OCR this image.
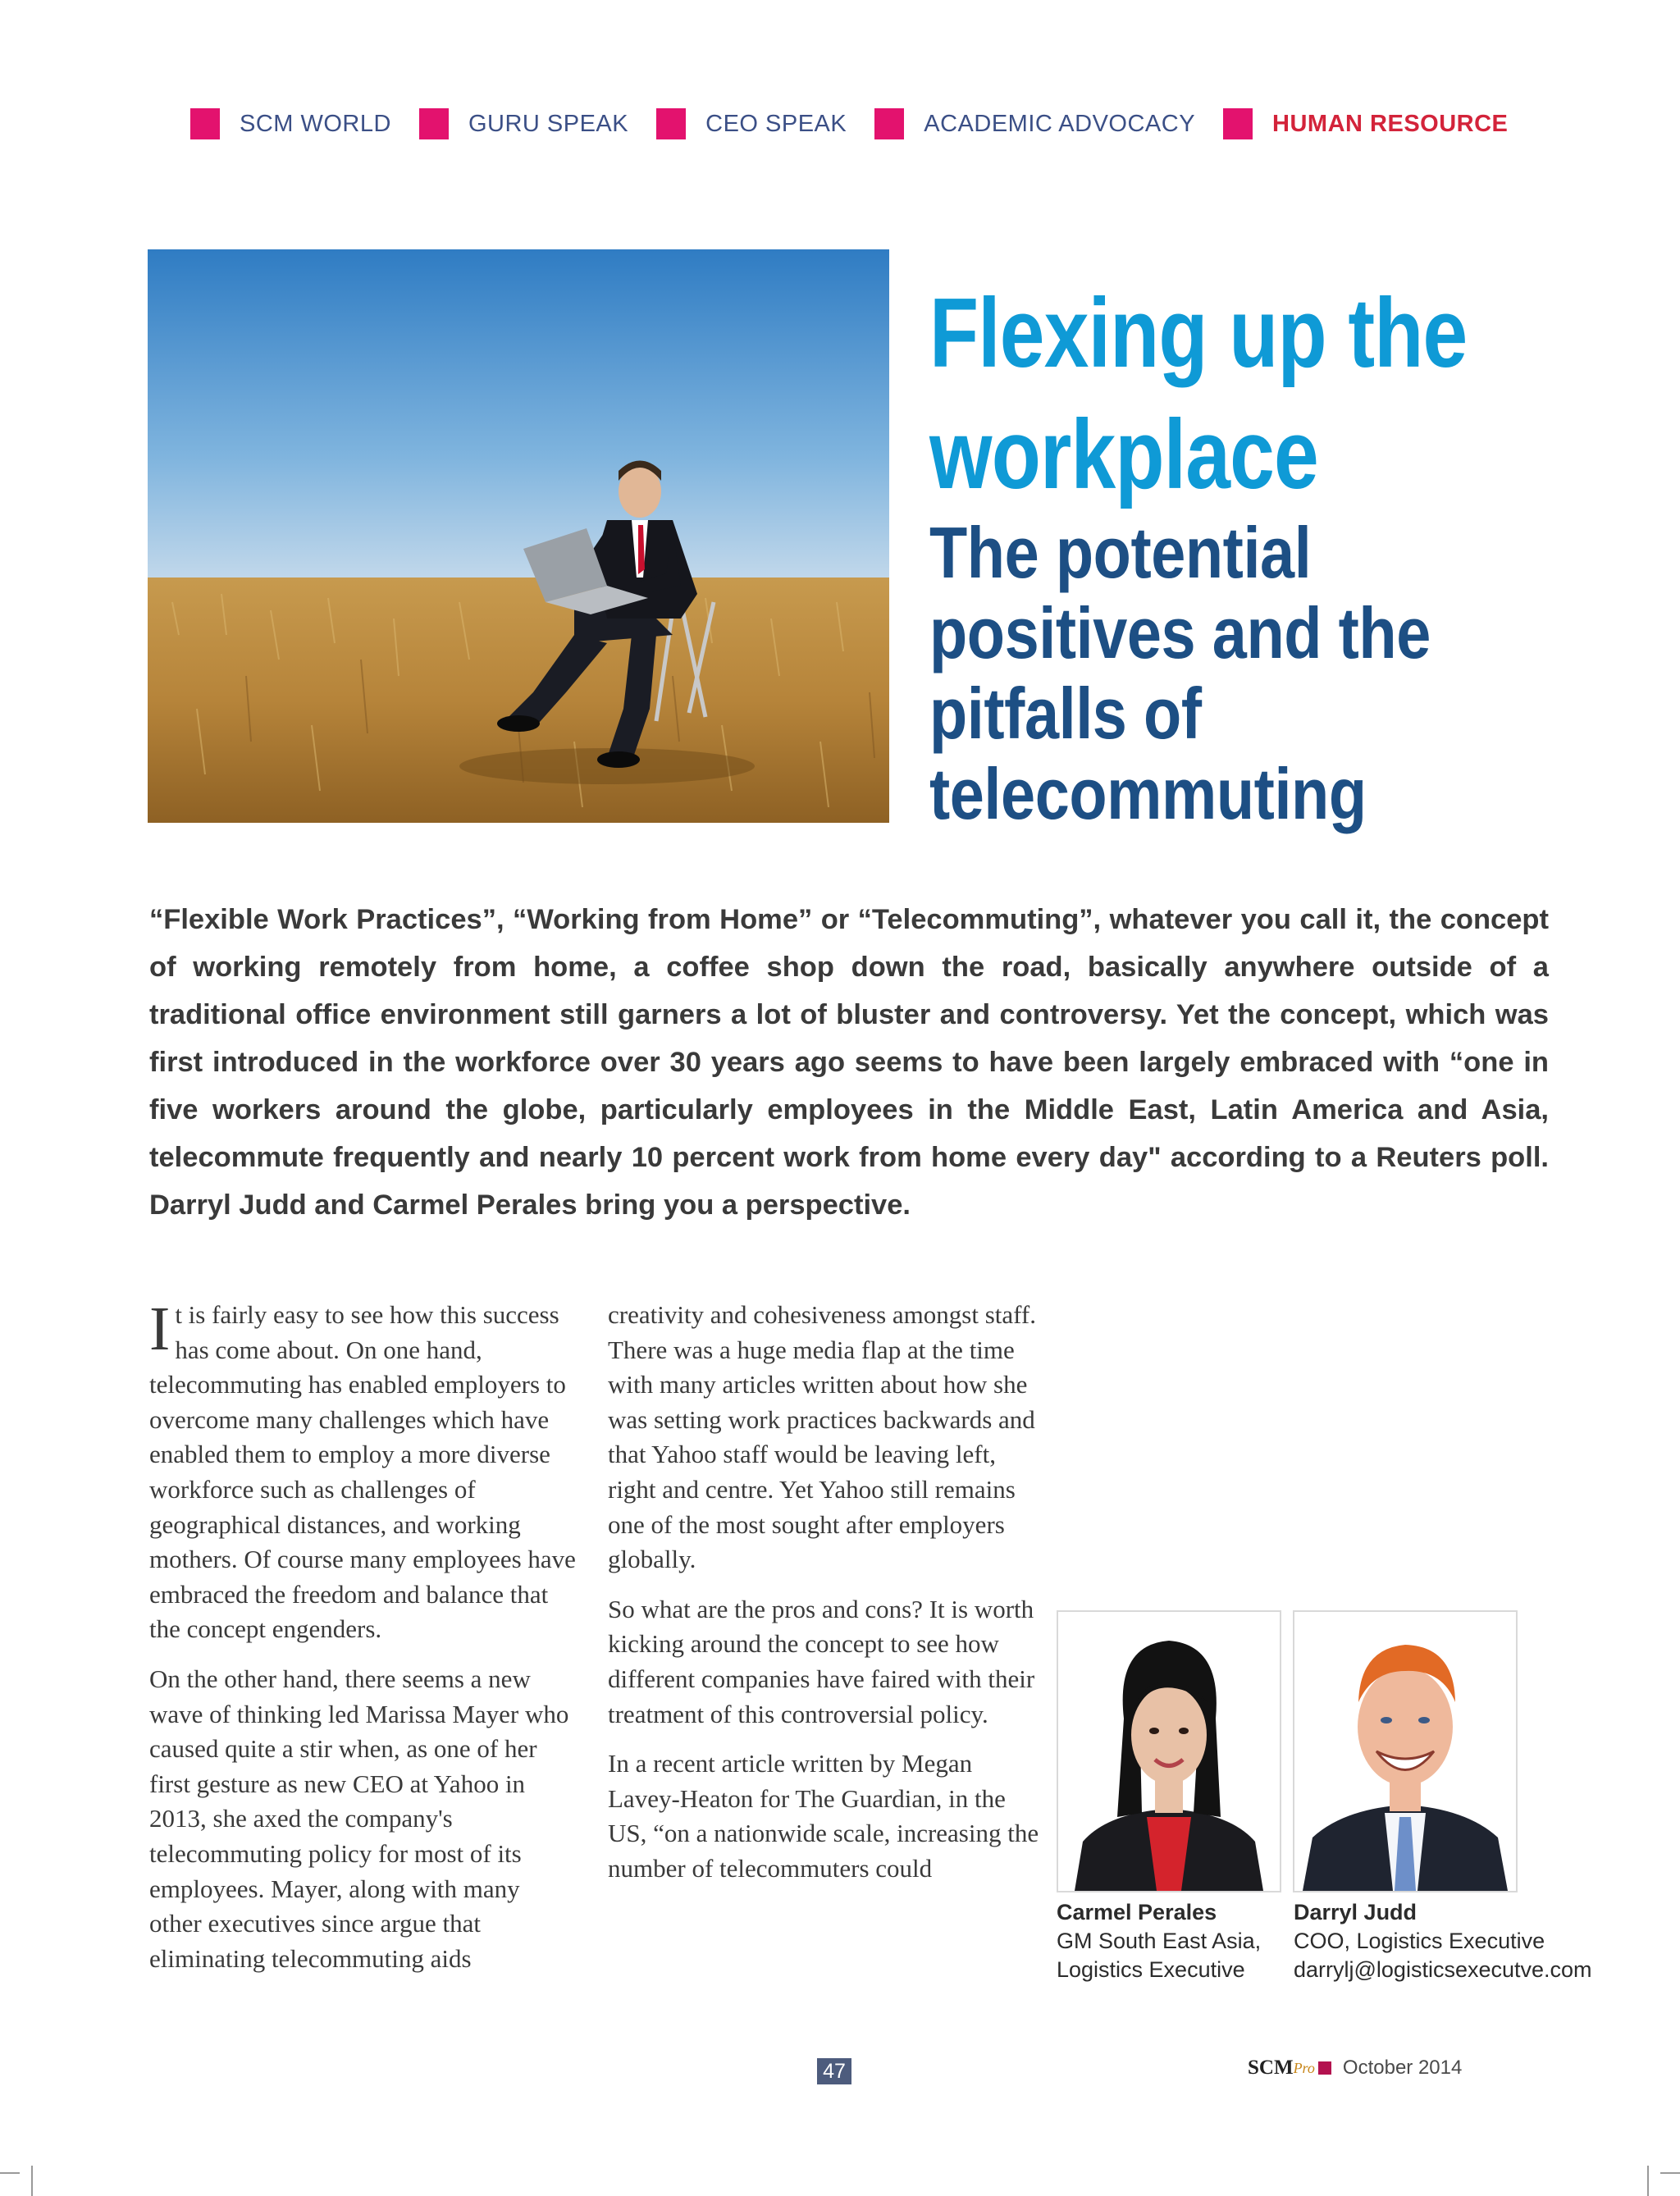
SCM WORLD	GURU SPEAK	CEO SPEAK	ACADEMIC ADVOCACY	HUMAN RESOURCE
Flexing up the
workplace
The potential
positives and the
pitfalls of
telecommuting

“Flexible Work Practices”, “Working from Home” or “Telecommuting”, whatever you call it, the concept of working remotely from home, a coffee shop down the road, basically anywhere outside of a traditional office environment still garners a lot of bluster and controversy. Yet the concept, which was first introduced in the workforce over 30 years ago seems to have been largely embraced with “one in five workers around the globe, particularly employees in the Middle East, Latin America and Asia, telecommute frequently and nearly 10 percent work from home every day" according to a Reuters poll. Darryl Judd and Carmel Perales bring you a perspective.

It is fairly easy to see how this success has come about. On one hand, telecommuting has enabled employers to overcome many challenges which have enabled them to employ a more diverse workforce such as challenges of geographical distances, and working mothers. Of course many employees have embraced the freedom and balance that the concept engenders.

On the other hand, there seems a new wave of thinking led Marissa Mayer who caused quite a stir when, as one of her first gesture as new CEO at Yahoo in 2013, she axed the company's telecommuting policy for most of its employees. Mayer, along with many other executives since argue that eliminating telecommuting aids

creativity and cohesiveness amongst staff. There was a huge media flap at the time with many articles written about how she was setting work practices backwards and that Yahoo staff would be leaving left, right and centre. Yet Yahoo still remains one of the most sought after employers globally.

So what are the pros and cons? It is worth kicking around the concept to see how different companies have faired with their treatment of this controversial policy.

In a recent article written by Megan Lavey-Heaton for The Guardian, in the US, “on a nationwide scale, increasing the number of telecommuters could

Carmel Perales
GM South East Asia,
Logistics Executive
Darryl Judd
COO, Logistics Executive
darrylj@logisticsexecutve.com
47	SCM Pro October 2014
